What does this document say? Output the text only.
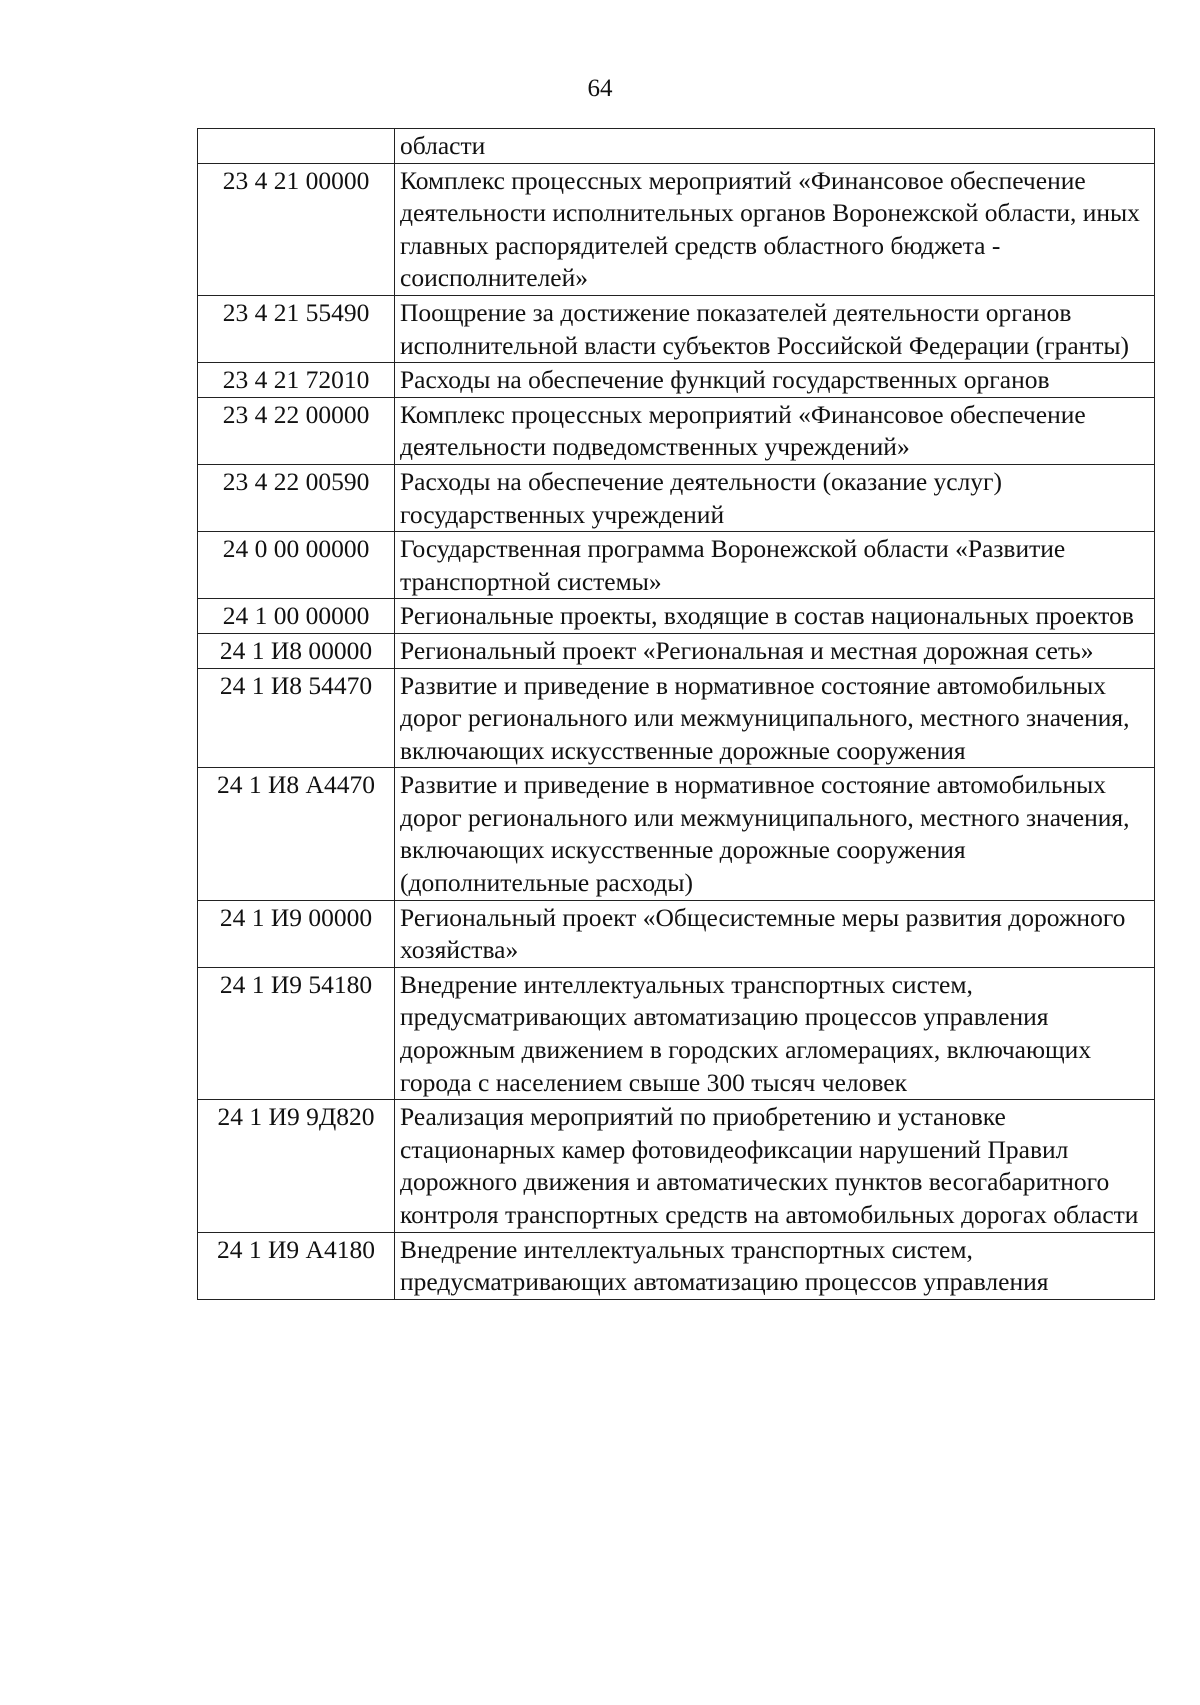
64
	области
23 4 21 00000	Комплекс процессных мероприятий «Финансовое обеспечение деятельности исполнительных органов Воронежской области, иных главных распорядителей средств областного бюджета - соисполнителей»
23 4 21 55490	Поощрение за достижение показателей деятельности органов исполнительной власти субъектов Российской Федерации (гранты)
23 4 21 72010	Расходы на обеспечение функций государственных органов
23 4 22 00000	Комплекс процессных мероприятий «Финансовое обеспечение деятельности подведомственных учреждений»
23 4 22 00590	Расходы на обеспечение деятельности (оказание услуг) государственных учреждений
24 0 00 00000	Государственная программа Воронежской области «Развитие транспортной системы»
24 1 00 00000	Региональные проекты, входящие в состав национальных проектов
24 1 И8 00000	Региональный проект «Региональная и местная дорожная сеть»
24 1 И8 54470	Развитие и приведение в нормативное состояние автомобильных дорог регионального или межмуниципального, местного значения, включающих искусственные дорожные сооружения
24 1 И8 А4470	Развитие и приведение в нормативное состояние автомобильных дорог регионального или межмуниципального, местного значения, включающих искусственные дорожные сооружения (дополнительные расходы)
24 1 И9 00000	Региональный проект «Общесистемные меры развития дорожного хозяйства»
24 1 И9 54180	Внедрение интеллектуальных транспортных систем, предусматривающих автоматизацию процессов управления дорожным движением в городских агломерациях, включающих города с населением свыше 300 тысяч человек
24 1 И9 9Д820	Реализация мероприятий по приобретению и установке стационарных камер фотовидеофиксации нарушений Правил дорожного движения и автоматических пунктов весогабаритного контроля транспортных средств на автомобильных дорогах области
24 1 И9 А4180	Внедрение интеллектуальных транспортных систем, предусматривающих автоматизацию процессов управления
